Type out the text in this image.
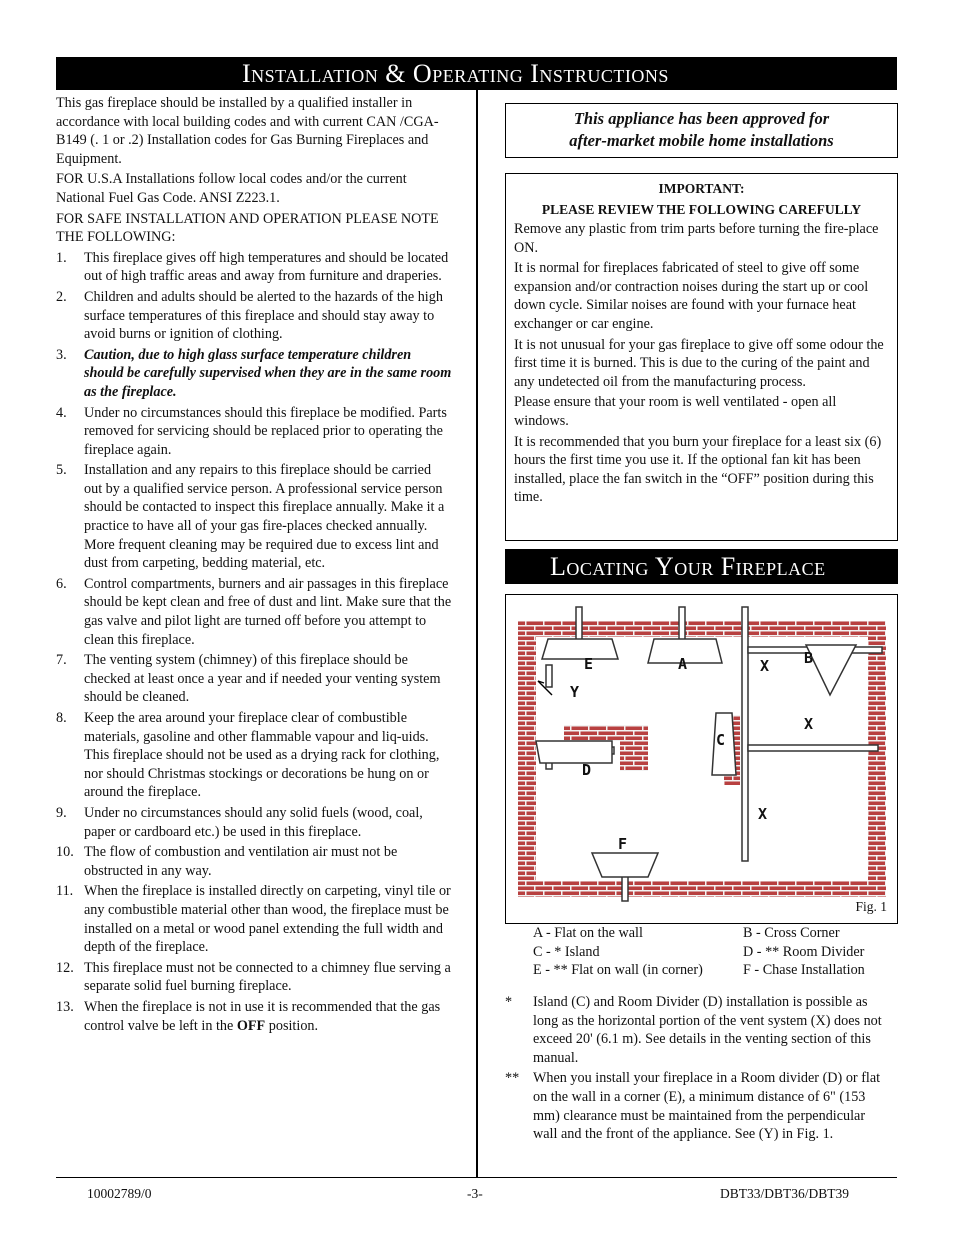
Installation & Operating Instructions

This gas fireplace should be installed by a qualified installer in accordance with local building codes and with current CAN /CGA-B149 (. 1 or .2) Installation codes for Gas Burning Fireplaces and Equipment.

FOR U.S.A Installations follow local codes and/or the current National Fuel Gas Code. ANSI Z223.1.

FOR SAFE INSTALLATION AND OPERATION PLEASE NOTE THE FOLLOWING:

1. This fireplace gives off high temperatures and should be located out of high traffic areas and away from furniture and draperies.
2. Children and adults should be alerted to the hazards of the high surface temperatures of this fireplace and should stay away to avoid burns or ignition of clothing.
3. Caution, due to high glass surface temperature children should be carefully supervised when they are in the same room as the fireplace.
4. Under no circumstances should this fireplace be modified. Parts removed for servicing should be replaced prior to operating the fireplace again.
5. Installation and any repairs to this fireplace should be carried out by a qualified service person. A professional service person should be contacted to inspect this fireplace annually. Make it a practice to have all of your gas fire-places checked annually. More frequent cleaning may be required due to excess lint and dust from carpeting, bedding material, etc.
6. Control compartments, burners and air passages in this fireplace should be kept clean and free of dust and lint. Make sure that the gas valve and pilot light are turned off before you attempt to clean this fireplace.
7. The venting system (chimney) of this fireplace should be checked at least once a year and if needed your venting system should be cleaned.
8. Keep the area around your fireplace clear of combustible materials, gasoline and other flammable vapour and liq-uids. This fireplace should not be used as a drying rack for clothing, nor should Christmas stockings or decorations be hung on or around the fireplace.
9. Under no circumstances should any solid fuels (wood, coal, paper or cardboard etc.) be used in this fireplace.
10. The flow of combustion and ventilation air must not be obstructed in any way.
11. When the fireplace is installed directly on carpeting, vinyl tile or any combustible material other than wood, the fireplace must be installed on a metal or wood panel extending the full width and depth of the fireplace.
12. This fireplace must not be connected to a chimney flue serving a separate solid fuel burning fireplace.
13. When the fireplace is not in use it is recommended that the gas control valve be left in the OFF position.
This appliance has been approved for
after-market mobile home installations
IMPORTANT:
PLEASE REVIEW THE FOLLOWING CAREFULLY

Remove any plastic from trim parts before turning the fire-place ON.

It is normal for fireplaces fabricated of steel to give off some expansion and/or contraction noises during the start up or cool down cycle. Similar noises are found with your furnace heat exchanger or car engine.

It is not unusual for your gas fireplace to give off some odour the first time it is burned. This is due to the curing of the paint and any undetected oil from the manufacturing process.

Please ensure that your room is well ventilated - open all windows.

It is recommended that you burn your fireplace for a least six (6) hours the first time you use it. If the optional fan kit has been installed, place the fan switch in the “OFF” position during this time.

Locating Your Fireplace
E
Y
A	B
X
X
X
C
D
F
Fig. 1
A - Flat on the wall	B - Cross Corner
C - * Island	D - ** Room Divider
E - ** Flat on wall (in corner)	F - Chase Installation
* Island (C) and Room Divider (D) installation is possible as long as the horizontal portion of the vent system (X) does not exceed 20' (6.1 m). See details in the venting section of this manual.
** When you install your fireplace in a Room divider (D) or flat on the wall in a corner (E), a minimum distance of 6" (153 mm) clearance must be maintained from the perpendicular wall and the front of the appliance. See (Y) in Fig. 1.
10002789/0	-3-	DBT33/DBT36/DBT39
